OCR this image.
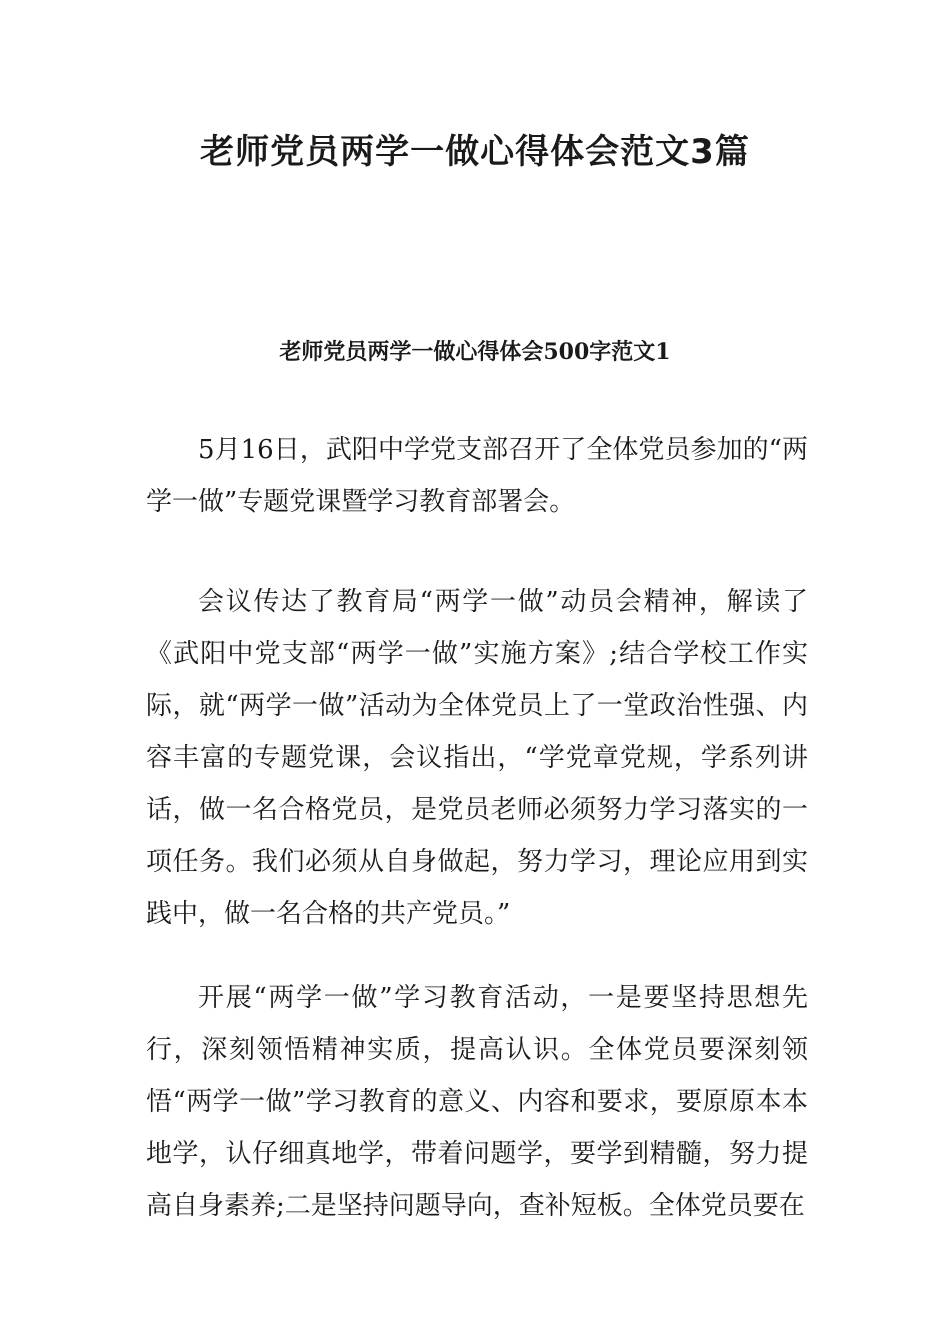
老师党员两学一做心得体会范文3篇
老师党员两学一做心得体会500字范文1

5月16日，武阳中学党支部召开了全体党员参加的“两学一做”专题党课暨学习教育部署会。

会议传达了教育局“两学一做”动员会精神，解读了《武阳中党支部“两学一做”实施方案》;结合学校工作实际，就“两学一做”活动为全体党员上了一堂政治性强、内容丰富的专题党课，会议指出，“学党章党规，学系列讲话，做一名合格党员，是党员老师必须努力学习落实的一项任务。我们必须从自身做起，努力学习，理论应用到实践中，做一名合格的共产党员。”

开展“两学一做”学习教育活动，一是要坚持思想先行，深刻领悟精神实质，提高认识。全体党员要深刻领悟“两学一做”学习教育的意义、内容和要求，要原原本本地学，认仔细真地学，带着问题学，要学到精髓，努力提高自身素养;二是坚持问题导向，查补短板。全体党员要在
